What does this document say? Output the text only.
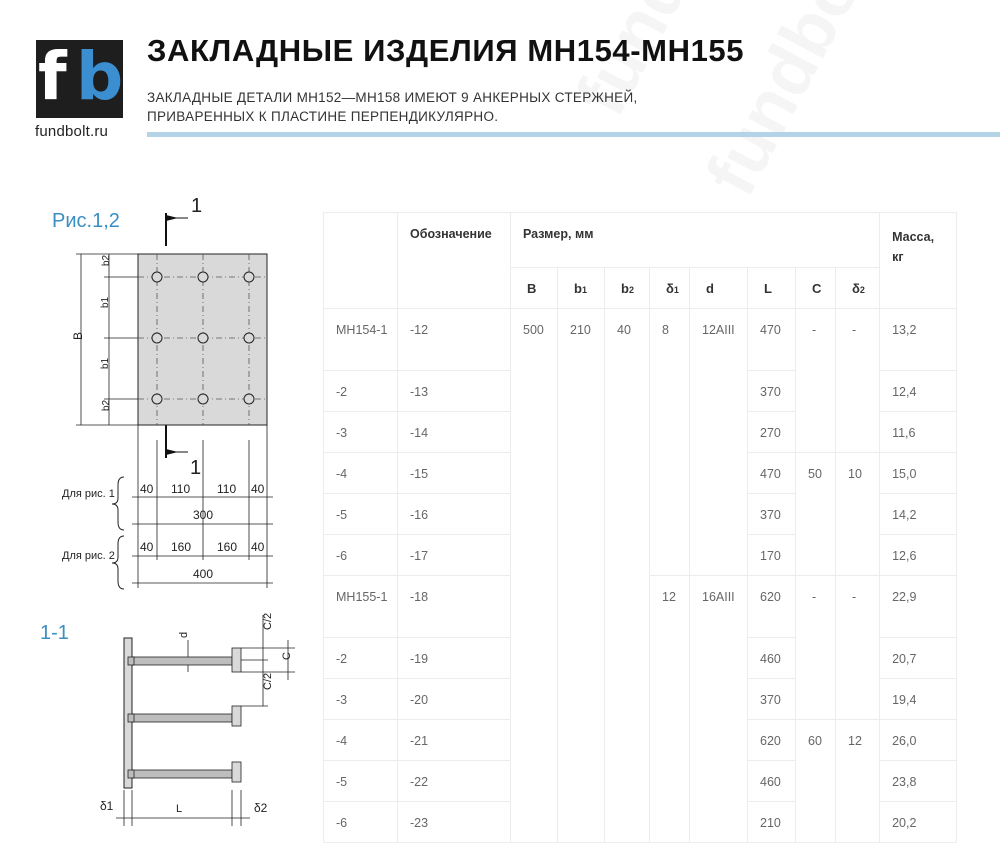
f b
fundbolt.ru
ЗАКЛАДНЫЕ ИЗДЕЛИЯ МН154-МН155
ЗАКЛАДНЫЕ ДЕТАЛИ МН152—МН158 ИМЕЮТ 9 АНКЕРНЫХ СТЕРЖНЕЙ, ПРИВАРЕННЫХ К ПЛАСТИНЕ ПЕРПЕНДИКУЛЯРНО.
Рис.1,2
1-1
1
1
B
b2
b1
b1
b2
Для рис. 1 40 110 110 40
300
Для рис. 2
40 160 160 40
400
d
C/2
C
C/2
δ1	L	δ2
	Обозначение	Размер, мм								Масса,
кг
		B	b1	b2	δ1	d	L	C	δ2	
МН154-1	-12	500	210	40	8	12AIII	470	-	-	13,2
-2	-13						370			12,4
-3	-14						270			11,6
-4	-15						470	50	10	15,0
-5	-16						370			14,2
-6	-17						170			12,6
МН155-1	-18				12	16AIII	620	-	-	22,9
-2	-19						460			20,7
-3	-20						370			19,4
-4	-21						620	60	12	26,0
-5	-22						460			23,8
-6	-23						210			20,2
